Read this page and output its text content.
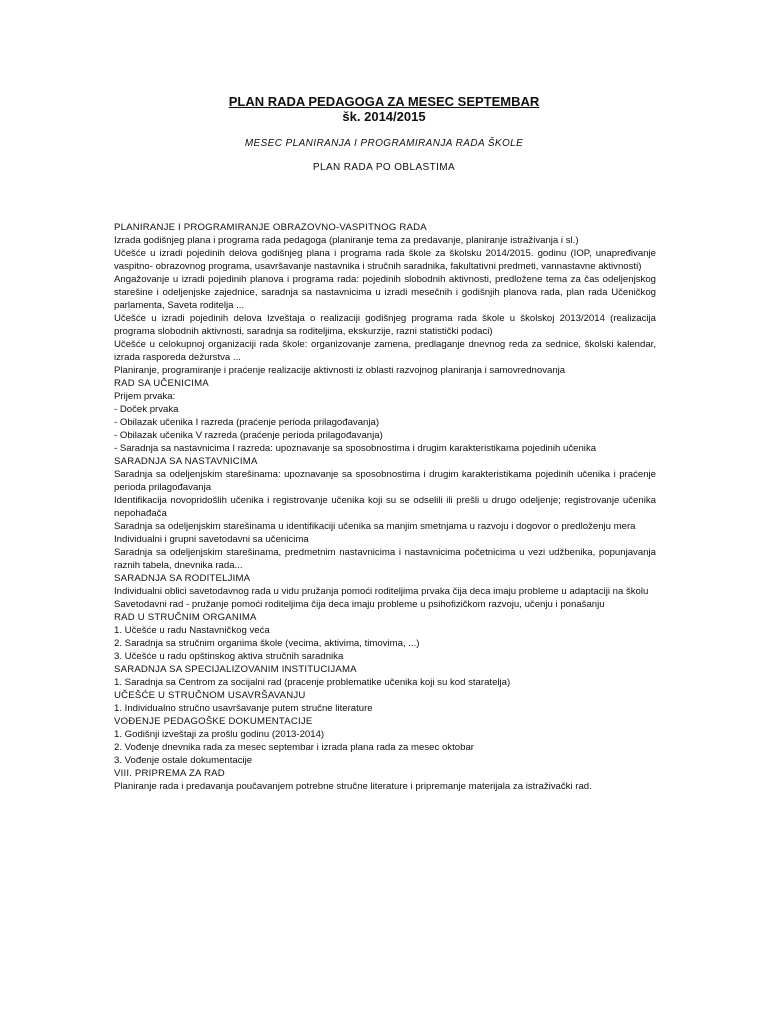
PLAN RADA PEDAGOGA ZA MESEC SEPTEMBAR
šk. 2014/2015
MESEC PLANIRANJA I PROGRAMIRANJA RADA ŠKOLE
PLAN RADA PO OBLASTIMA

PLANIRANJE I PROGRAMIRANJE OBRAZOVNO-VASPITNOG RADA

Izrada godišnjeg plana i programa rada pedagoga (planiranje tema za predavanje, planiranje istraživanja i sl.)

Učešće u izradi pojedinih delova godišnjeg plana i programa rada škole za školsku 2014/2015. godinu (IOP, unapređivanje vaspitno- obrazovnog programa, usavršavanje nastavnika i stručnih saradnika, fakultativni predmeti, vannastavne aktivnosti)

Angažovanje u izradi pojedinih planova i programa rada: pojedinih slobodnih aktivnosti, predložene tema za čas odeljenjskog starešine i odeljenjske zajednice, saradnja sa nastavnicima u izradi mesečnih i godišnjih planova rada, plan rada Učeničkog parlamenta, Saveta roditelja ...

Učešće u izradi pojedinih delova Izveštaja o realizaciji godišnjeg programa rada škole u školskoj 2013/2014 (realizacija programa slobodnih aktivnosti, saradnja sa roditeljima, ekskurzije, razni statistički podaci)

Učešće u celokupnoj organizaciji rada škole: organizovanje zamena, predlaganje dnevnog reda za sednice, školski kalendar, izrada rasporeda dežurstva ...

Planiranje, programiranje i praćenje realizacije aktivnosti iz oblasti razvojnog planiranja i samovrednovanja

RAD SA UČENICIMA

Prijem prvaka:

- Doček prvaka

- Obilazak učenika I razreda (praćenje perioda prilagođavanja)

- Obilazak učenika V razreda (praćenje perioda prilagođavanja)

- Saradnja sa nastavnicima I razreda: upoznavanje sa sposobnostima i drugim karakteristikama pojedinih učenika

SARADNJA SA NASTAVNICIMA

Saradnja sa odeljenjskim starešinama: upoznavanje sa sposobnostima i drugim karakteristikama pojedinih učenika i praćenje perioda prilagođavanja

Identifikacija novopridošlih učenika i registrovanje učenika koji su se odselili ili prešli u drugo odeljenje; registrovanje učenika nepohađača

Saradnja sa odeljenjskim starešinama u identifikaciji učenika sa manjim smetnjama u razvoju i dogovor o predloženju mera

Individualni i grupni savetodavni sa učenicima

Saradnja sa odeljenjskim starešinama, predmetnim nastavnicima i nastavnicima početnicima u vezi udžbenika, popunjavanja raznih tabela, dnevnika rada...

SARADNJA SA RODITELJIMA

Individualni oblici savetodavnog rada u vidu pružanja pomoći roditeljima prvaka čija deca imaju probleme u adaptaciji na školu

Savetodavni rad - pružanje pomoći roditeljima čija deca imaju probleme u psihofizičkom razvoju, učenju i ponašanju

RAD U STRUČNIM ORGANIMA

1. Učešće u radu Nastavničkog veća

2. Saradnja sa stručnim organima škole (vecima, aktivima, timovima, ...)

3. Učešće u radu opštinskog aktiva stručnih saradnika

SARADNJA SA SPECIJALIZOVANIM INSTITUCIJAMA

1. Saradnja sa Centrom za socijalni rad (pracenje problematike učenika koji su kod staratelja)

UČEŠĆE U STRUČNOM USAVRŠAVANJU

1. Individualno stručno usavršavanje putem stručne literature

VOĐENJE PEDAGOŠKE DOKUMENTACIJE

1. Godišnji izveštaji za prošlu godinu (2013-2014)

2. Vođenje dnevnika rada za mesec septembar i izrada plana rada za mesec oktobar

3. Vođenje ostale dokumentacije

VIII. PRIPREMA ZA RAD

Planiranje rada i predavanja poučavanjem potrebne stručne literature i pripremanje materijala za istraživački rad.
